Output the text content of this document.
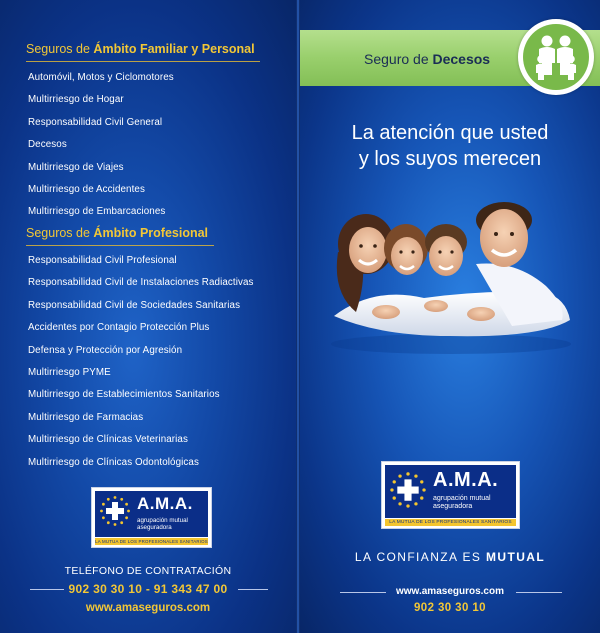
Seguros de Ámbito Familiar y Personal
Automóvil, Motos y Ciclomotores
Multirriesgo de Hogar
Responsabilidad Civil General
Decesos
Multirriesgo de Viajes
Multirriesgo de Accidentes
Multirriesgo de Embarcaciones
Seguros de Ámbito Profesional
Responsabilidad Civil Profesional
Responsabilidad Civil de Instalaciones Radiactivas
Responsabilidad Civil de Sociedades Sanitarias
Accidentes por Contagio Protección Plus
Defensa y Protección por Agresión
Multirriesgo PYME
Multirriesgo de Establecimientos Sanitarios
Multirriesgo de Farmacias
Multirriesgo de Clínicas Veterinarias
Multirriesgo de Clínicas Odontológicas
A.M.A.
agrupación mutual
aseguradora
LA MUTUA DE LOS PROFESIONALES SANITARIOS
TELÉFONO DE CONTRATACIÓN
902 30 30 10 - 91 343 47 00
www.amaseguros.com
Seguro de Decesos
La atención que usted
y los suyos merecen
A.M.A.
agrupación mutual
aseguradora
LA MUTUA DE LOS PROFESIONALES SANITARIOS
LA CONFIANZA ES MUTUAL
www.amaseguros.com
902 30 30 10
